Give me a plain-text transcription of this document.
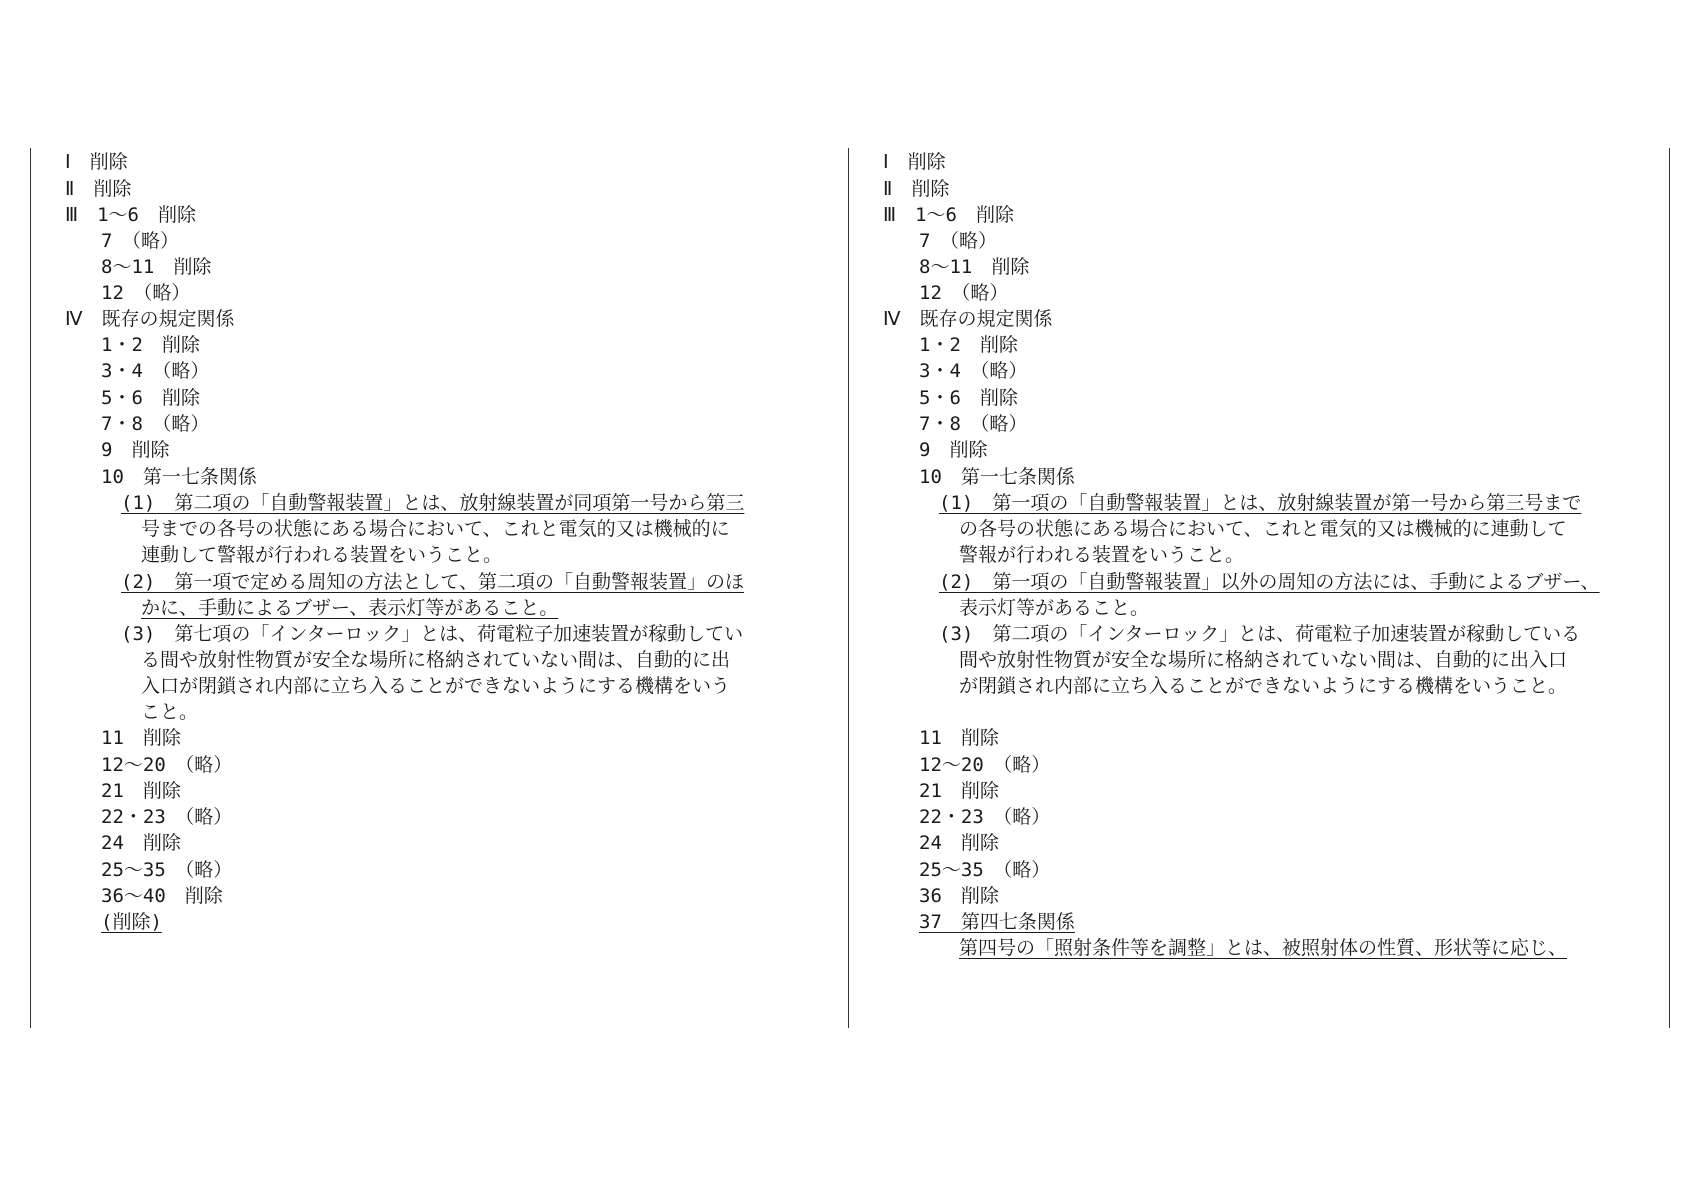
Ⅰ　削除
Ⅱ　削除
Ⅲ　1～6　削除
7　（略）
8～11　削除
12　（略）
Ⅳ　既存の規定関係
1・2　削除
3・4　（略）
5・6　削除
7・8　（略）
9　削除
10　第一七条関係
(1)　第二項の「自動警報装置」とは、放射線装置が同項第一号から第三
号までの各号の状態にある場合において、これと電気的又は機械的に
連動して警報が行われる装置をいうこと。
(2)　第一項で定める周知の方法として、第二項の「自動警報装置」のほ
かに、手動によるブザー、表示灯等があること。
(3)　第七項の「インターロック」とは、荷電粒子加速装置が稼動してい
る間や放射性物質が安全な場所に格納されていない間は、自動的に出
入口が閉鎖され内部に立ち入ることができないようにする機構をいう
こと。
11　削除
12～20　（略）
21　削除
22・23　（略）
24　削除
25～35　（略）
36～40　削除
(削除)
Ⅰ　削除
Ⅱ　削除
Ⅲ　1～6　削除
7　（略）
8～11　削除
12　（略）
Ⅳ　既存の規定関係
1・2　削除
3・4　（略）
5・6　削除
7・8　（略）
9　削除
10　第一七条関係
(1)　第一項の「自動警報装置」とは、放射線装置が第一号から第三号まで
の各号の状態にある場合において、これと電気的又は機械的に連動して
警報が行われる装置をいうこと。
(2)　第一項の「自動警報装置」以外の周知の方法には、手動によるブザー、
表示灯等があること。
(3)　第二項の「インターロック」とは、荷電粒子加速装置が稼動している
間や放射性物質が安全な場所に格納されていない間は、自動的に出入口
が閉鎖され内部に立ち入ることができないようにする機構をいうこと。
11　削除
12～20　（略）
21　削除
22・23　（略）
24　削除
25～35　（略）
36　削除
37　第四七条関係
第四号の「照射条件等を調整」とは、被照射体の性質、形状等に応じ、
